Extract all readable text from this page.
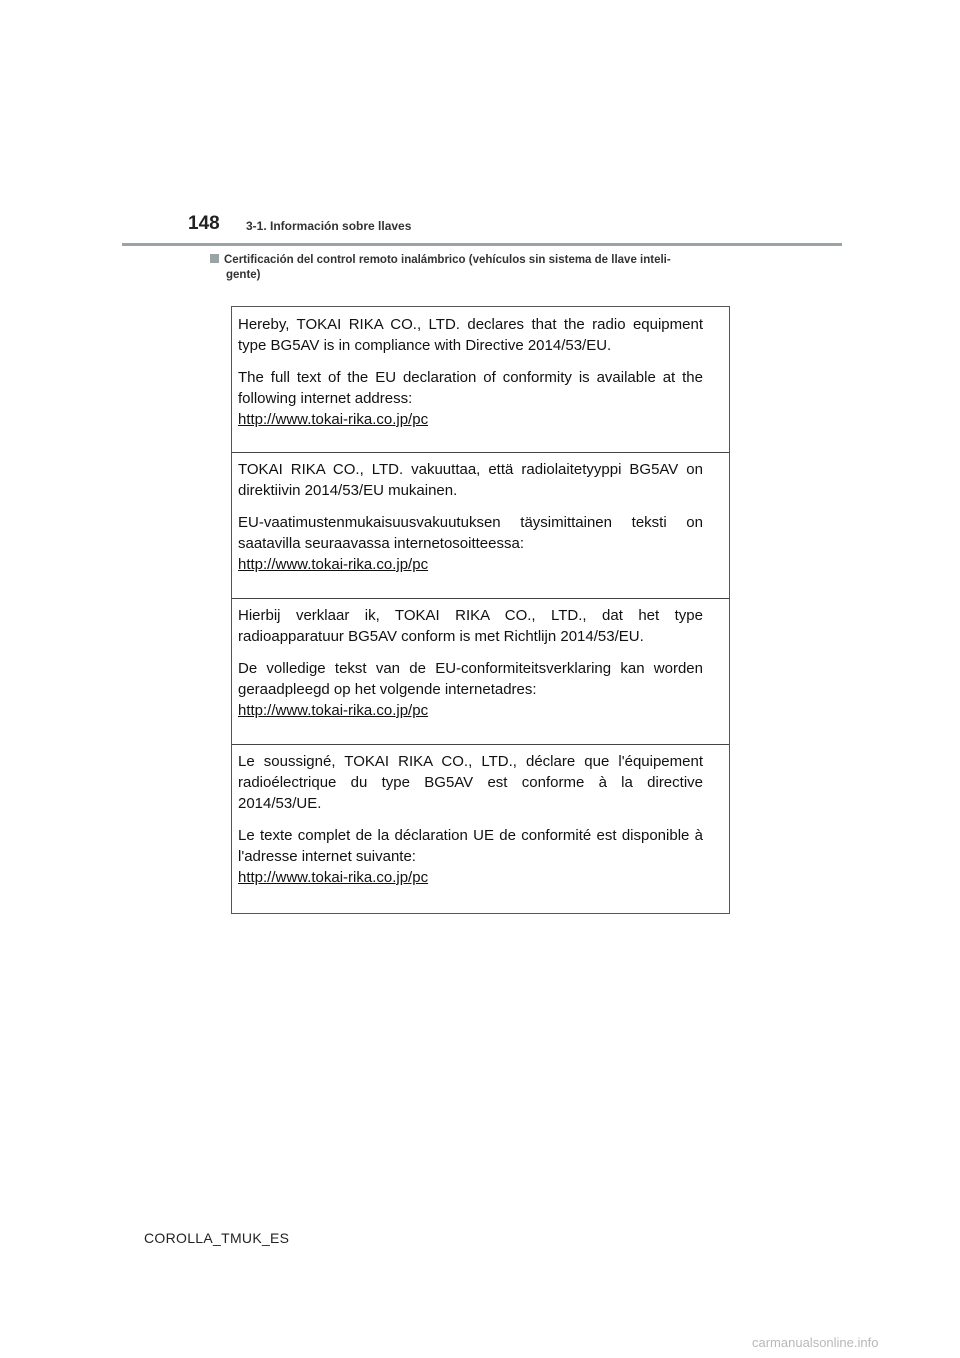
148 3-1. Información sobre llaves
Certificación del control remoto inalámbrico (vehículos sin sistema de llave inteli-
gente)

Hereby, TOKAI RIKA CO., LTD. declares that the radio equipment type BG5AV is in compliance with Directive 2014/53/EU.

The full text of the EU declaration of conformity is available at the following internet address:
http://www.tokai-rika.co.jp/pc

TOKAI RIKA CO., LTD. vakuuttaa, että radiolaitetyyppi BG5AV on direktiivin 2014/53/EU mukainen.

EU-vaatimustenmukaisuusvakuutuksen täysimittainen teksti on saatavilla seuraavassa internetosoitteessa:
http://www.tokai-rika.co.jp/pc

Hierbij verklaar ik, TOKAI RIKA CO., LTD., dat het type radioapparatuur BG5AV conform is met Richtlijn 2014/53/EU.

De volledige tekst van de EU-conformiteitsverklaring kan worden geraadpleegd op het volgende internetadres:
http://www.tokai-rika.co.jp/pc

Le soussigné, TOKAI RIKA CO., LTD., déclare que l'équipement radioélectrique du type BG5AV est conforme à la directive 2014/53/UE.

Le texte complet de la déclaration UE de conformité est disponible à l'adresse internet suivante:
http://www.tokai-rika.co.jp/pc

COROLLA_TMUK_ES
carmanualsonline.info
